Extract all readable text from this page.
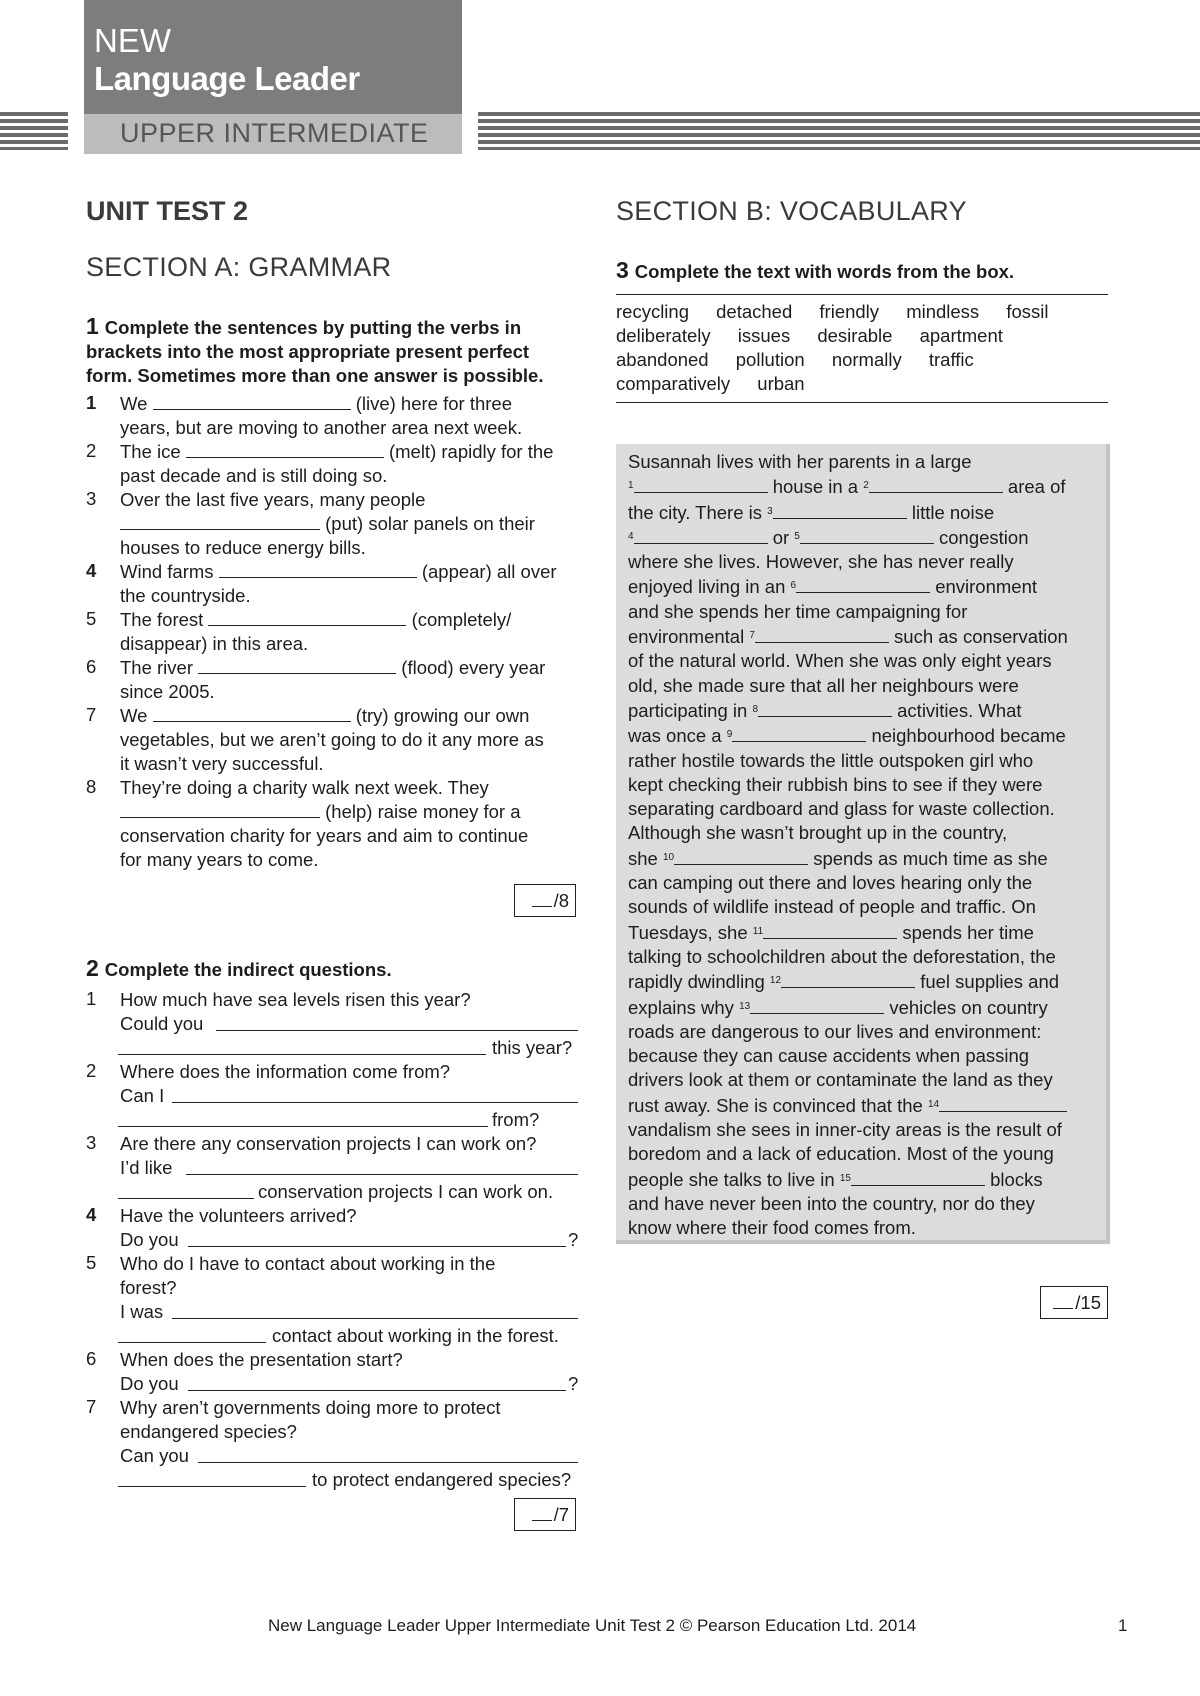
NEW
Language Leader
UPPER INTERMEDIATE
UNIT TEST 2
SECTION A: GRAMMAR
1 Complete the sentences by putting the verbs in brackets into the most appropriate present perfect form. Sometimes more than one answer is possible.
1 We	(live) here for three
years, but are moving to another area next week.
2 The ice	(melt) rapidly for the
past decade and is still doing so.
3 Over the last five years, many people
(put) solar panels on their
houses to reduce energy bills.
4 Wind farms	(appear) all over
the countryside.
5 The forest	(completely/
disappear) in this area.
6 The river	(flood) every year
since 2005.
7 We	(try) growing our own
vegetables, but we aren’t going to do it any more as
it wasn’t very successful.
8 They’re doing a charity walk next week. They
(help) raise money for a
conservation charity for years and aim to continue
for many years to come.
/8
2 Complete the indirect questions.
1 How much have sea levels risen this year?
Could you
this year?
2 Where does the information come from?
Can I
from?
3 Are there any conservation projects I can work on?
I’d like
conservation projects I can work on.
4 Have the volunteers arrived?
Do you	?
5 Who do I have to contact about working in the
forest?
I was
contact about working in the forest.
6 When does the presentation start?
Do you	?
7 Why aren’t governments doing more to protect
endangered species?
Can you
to protect endangered species?
/7
SECTION B: VOCABULARY
3 Complete the text with words from the box.
recycling detached friendly mindless fossil deliberately issues desirable apartment abandoned pollution normally traffic
comparatively urban
Susannah lives with her parents in a large
$^1$	house in a $^2$	area of
the city. There is $^3$	little noise
$^4$	or $^5$	congestion
where she lives. However, she has never really
enjoyed living in an $^6$	environment
and she spends her time campaigning for
environmental $^7$	such as conservation
of the natural world. When she was only eight years
old, she made sure that all her neighbours were
participating in $^8$	activities. What
was once a $^9$	neighbourhood became
rather hostile towards the little outspoken girl who
kept checking their rubbish bins to see if they were
separating cardboard and glass for waste collection.
Although she wasn’t brought up in the country,
she $^{10}$	spends as much time as she
can camping out there and loves hearing only the
sounds of wildlife instead of people and traffic. On
Tuesdays, she $^{11}$	spends her time
talking to schoolchildren about the deforestation, the
rapidly dwindling $^{12}$	fuel supplies and
explains why $^{13}$	vehicles on country
roads are dangerous to our lives and environment:
because they can cause accidents when passing
drivers look at them or contaminate the land as they
rust away. She is convinced that the $^{14}$
vandalism she sees in inner-city areas is the result of
boredom and a lack of education. Most of the young
people she talks to live in $^{15}$	blocks
and have never been into the country, nor do they
know where their food comes from.
/15
New Language Leader Upper Intermediate Unit Test 2 © Pearson Education Ltd. 2014	1
